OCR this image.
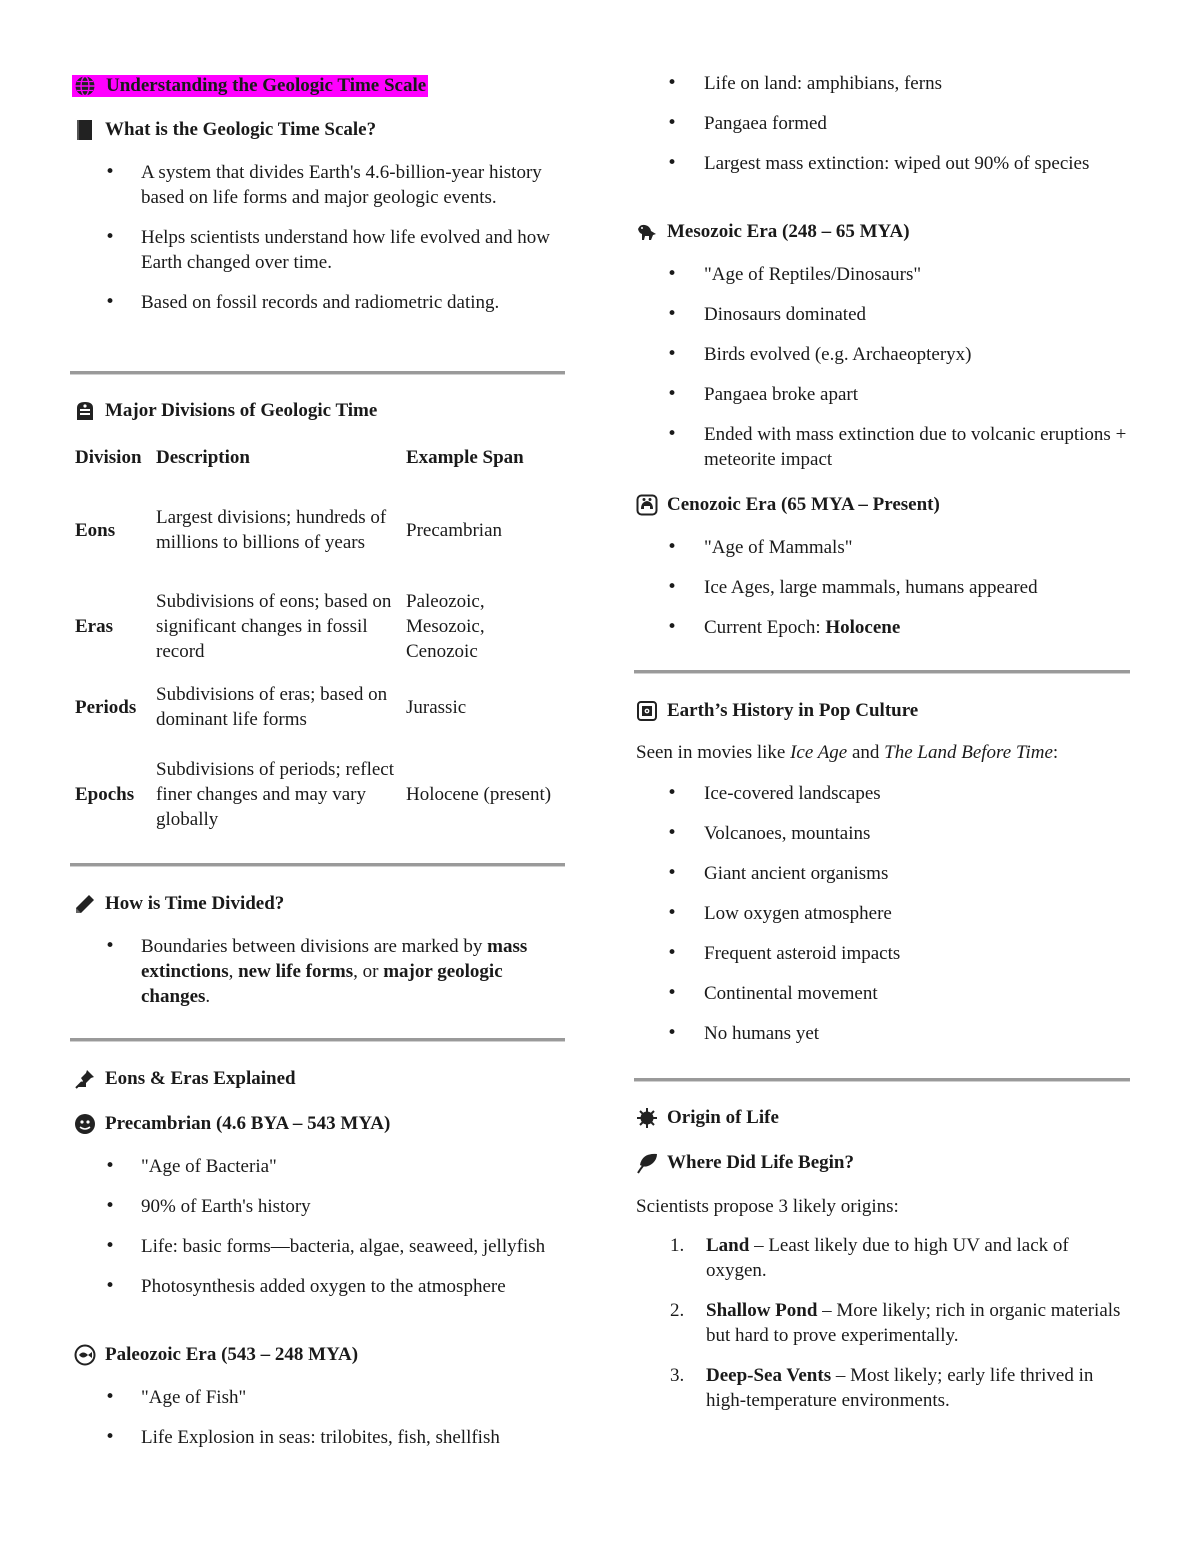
Understanding the Geologic Time Scale
What is the Geologic Time Scale?
• A system that divides Earth's 4.6-billion-year history based on life forms and major geologic events.
• Helps scientists understand how life evolved and how Earth changed over time.
• Based on fossil records and radiometric dating.
Major Divisions of Geologic Time
Division	Description	Example Span
Eons	Largest divisions; hundreds of millions to billions of years	Precambrian
Eras	Subdivisions of eons; based on significant changes in fossil record	Paleozoic, Mesozoic, Cenozoic
Periods	Subdivisions of eras; based on dominant life forms	Jurassic
Epochs	Subdivisions of periods; reflect finer changes and may vary globally	Holocene (present)
How is Time Divided?
• Boundaries between divisions are marked by mass extinctions, new life forms, or major geologic changes.
Eons & Eras Explained
Precambrian (4.6 BYA – 543 MYA)
• "Age of Bacteria"
• 90% of Earth's history
• Life: basic forms—bacteria, algae, seaweed, jellyfish
• Photosynthesis added oxygen to the atmosphere
Paleozoic Era (543 – 248 MYA)
• "Age of Fish"
• Life Explosion in seas: trilobites, fish, shellfish
• Life on land: amphibians, ferns
• Pangaea formed
• Largest mass extinction: wiped out 90% of species
Mesozoic Era (248 – 65 MYA)
• "Age of Reptiles/Dinosaurs"
• Dinosaurs dominated
• Birds evolved (e.g. Archaeopteryx)
• Pangaea broke apart
• Ended with mass extinction due to volcanic eruptions + meteorite impact
Cenozoic Era (65 MYA – Present)
• "Age of Mammals"
• Ice Ages, large mammals, humans appeared
• Current Epoch: Holocene
Earth’s History in Pop Culture
Seen in movies like Ice Age and The Land Before Time:
• Ice-covered landscapes
• Volcanoes, mountains
• Giant ancient organisms
• Low oxygen atmosphere
• Frequent asteroid impacts
• Continental movement
• No humans yet
Origin of Life
Where Did Life Begin?
Scientists propose 3 likely origins:
1. Land – Least likely due to high UV and lack of oxygen.
2. Shallow Pond – More likely; rich in organic materials but hard to prove experimentally.
3. Deep-Sea Vents – Most likely; early life thrived in high-temperature environments.
